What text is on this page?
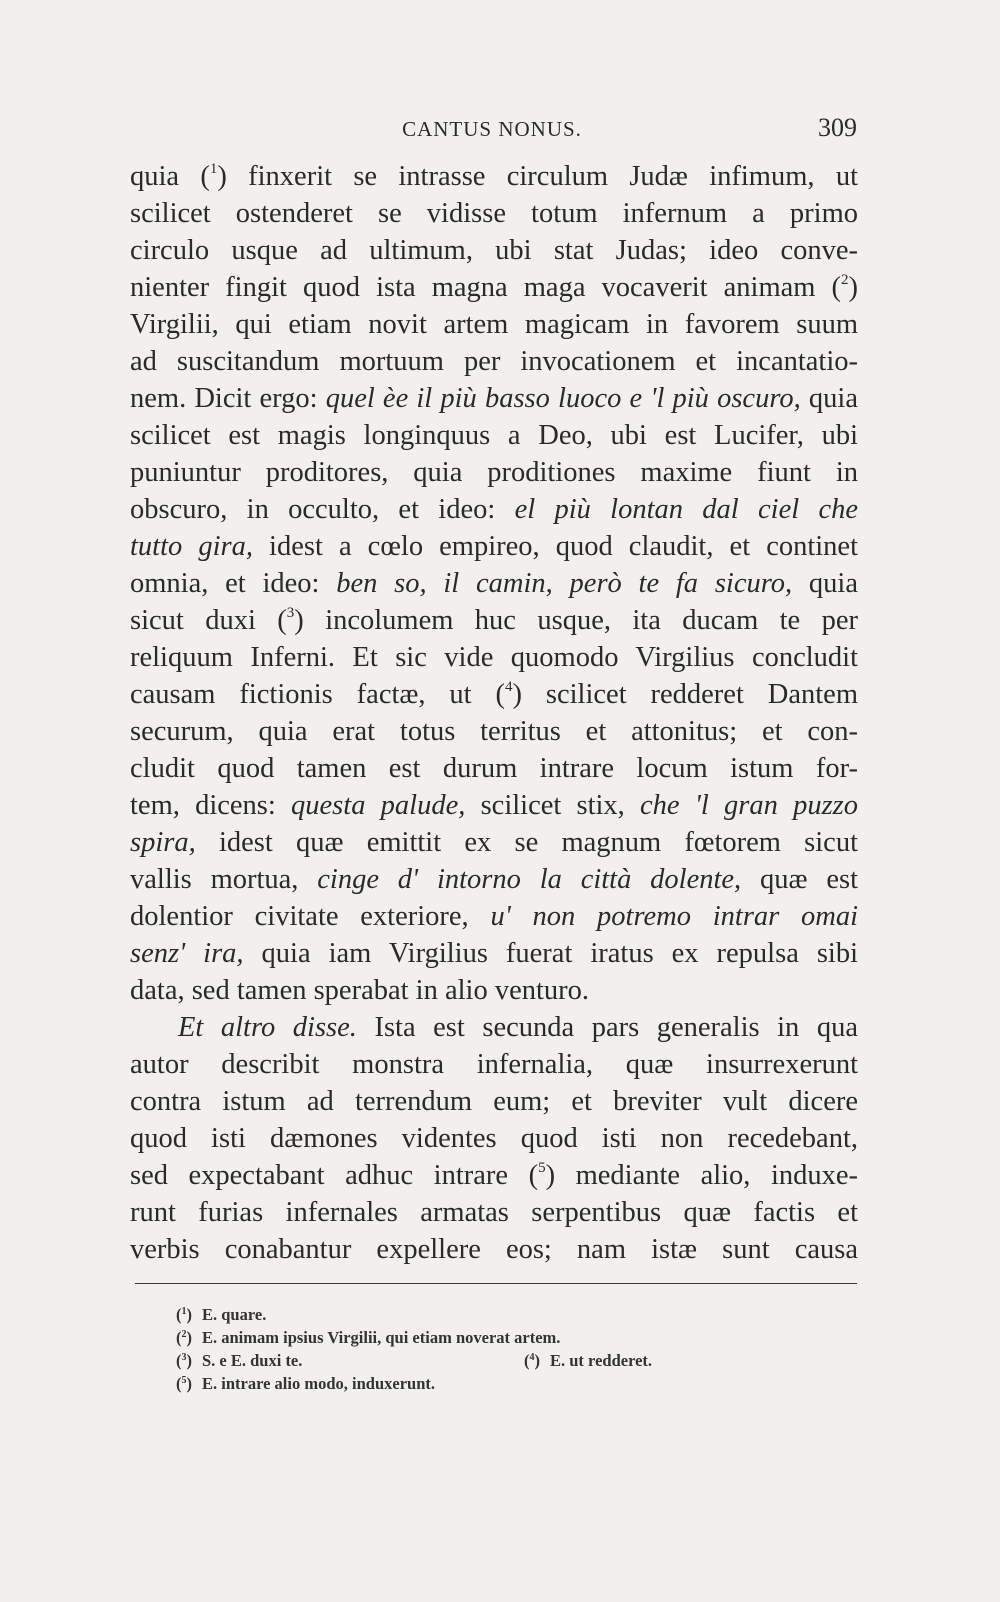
CANTUS NONUS.	309
quia ($^1$) finxerit se intrasse circulum Judæ infimum, ut
scilicet ostenderet se vidisse totum infernum a primo
circulo usque ad ultimum, ubi stat Judas; ideo conve-
nienter fingit quod ista magna maga vocaverit animam ($^2$)
Virgilii, qui etiam novit artem magicam in favorem suum
ad suscitandum mortuum per invocationem et incantatio-
nem. Dicit ergo: quel èe il più basso luoco e 'l più oscuro, quia
scilicet est magis longinquus a Deo, ubi est Lucifer, ubi
puniuntur proditores, quia proditiones maxime fiunt in
obscuro, in occulto, et ideo: el più lontan dal ciel che
tutto gira, idest a cœlo empireo, quod claudit, et continet
omnia, et ideo: ben so, il camin, però te fa sicuro, quia
sicut duxi ($^3$) incolumem huc usque, ita ducam te per
reliquum Inferni. Et sic vide quomodo Virgilius concludit
causam fictionis factæ, ut ($^4$) scilicet redderet Dantem
securum, quia erat totus territus et attonitus; et con-
cludit quod tamen est durum intrare locum istum for-
tem, dicens: questa palude, scilicet stix, che 'l gran puzzo
spira, idest quæ emittit ex se magnum fœtorem sicut
vallis mortua, cinge d' intorno la città dolente, quæ est
dolentior civitate exteriore, u' non potremo intrar omai
senz' ira, quia iam Virgilius fuerat iratus ex repulsa sibi
data, sed tamen sperabat in alio venturo.
Et altro disse. Ista est secunda pars generalis in qua
autor describit monstra infernalia, quæ insurrexerunt
contra istum ad terrendum eum; et breviter vult dicere
quod isti dæmones videntes quod isti non recedebant,
sed expectabant adhuc intrare ($^5$) mediante alio, induxe-
runt furias infernales armatas serpentibus quæ factis et
verbis conabantur expellere eos; nam istæ sunt causa
($^1$) E. quare.
($^2$) E. animam ipsius Virgilii, qui etiam noverat artem.
($^3$) S. e E. duxi te.	($^4$) E. ut redderet.
($^5$) E. intrare alio modo, induxerunt.
